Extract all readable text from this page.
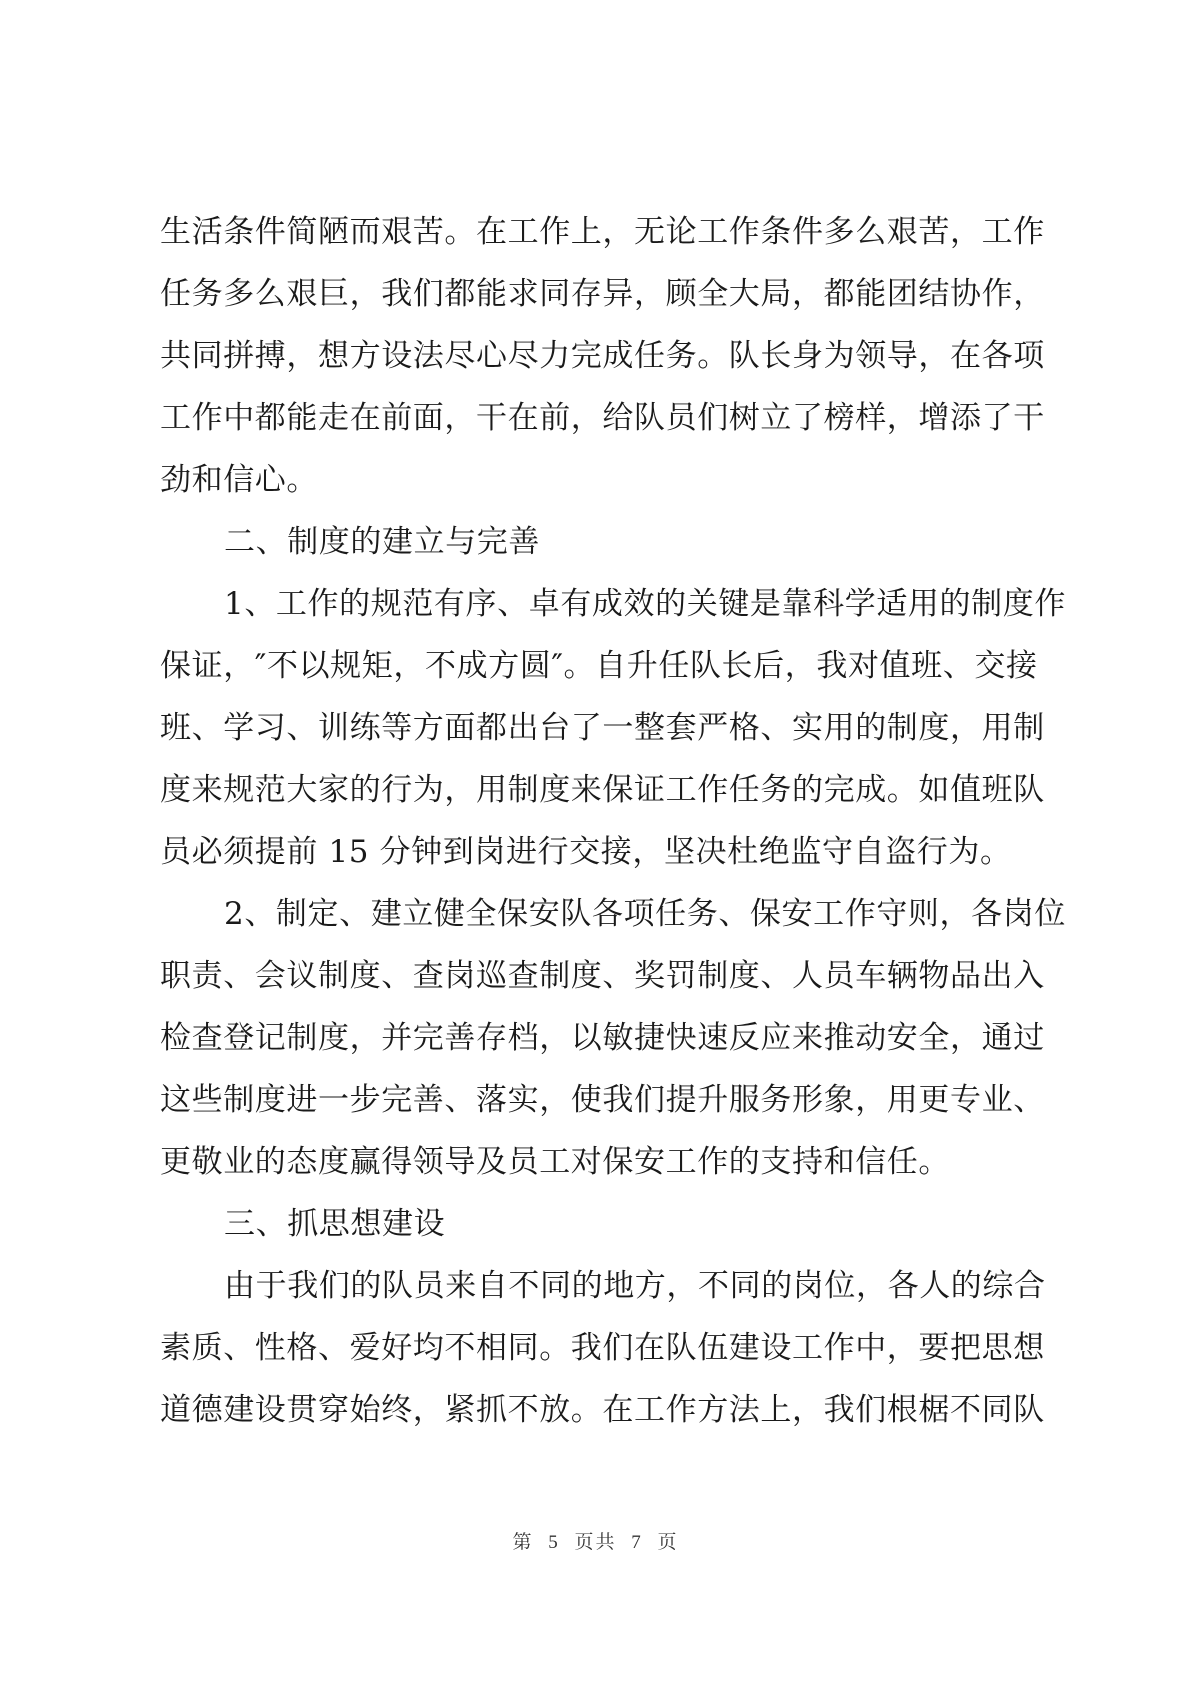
生活条件简陋而艰苦。在工作上，无论工作条件多么艰苦，工作
任务多么艰巨，我们都能求同存异，顾全大局，都能团结协作，
共同拼搏，想方设法尽心尽力完成任务。队长身为领导，在各项
工作中都能走在前面，干在前，给队员们树立了榜样，增添了干
劲和信心。
二、制度的建立与完善
1、工作的规范有序、卓有成效的关键是靠科学适用的制度作
保证，″不以规矩，不成方圆″。自升任队长后，我对值班、交接
班、学习、训练等方面都出台了一整套严格、实用的制度，用制
度来规范大家的行为，用制度来保证工作任务的完成。如值班队
员必须提前 15 分钟到岗进行交接，坚决杜绝监守自盗行为。
2、制定、建立健全保安队各项任务、保安工作守则，各岗位
职责、会议制度、查岗巡查制度、奖罚制度、人员车辆物品出入
检查登记制度，并完善存档，以敏捷快速反应来推动安全，通过
这些制度进一步完善、落实，使我们提升服务形象，用更专业、
更敬业的态度赢得领导及员工对保安工作的支持和信任。
三、抓思想建设
由于我们的队员来自不同的地方，不同的岗位，各人的综合
素质、性格、爱好均不相同。我们在队伍建设工作中，要把思想
道德建设贯穿始终，紧抓不放。在工作方法上，我们根椐不同队
第 5 页共 7 页
